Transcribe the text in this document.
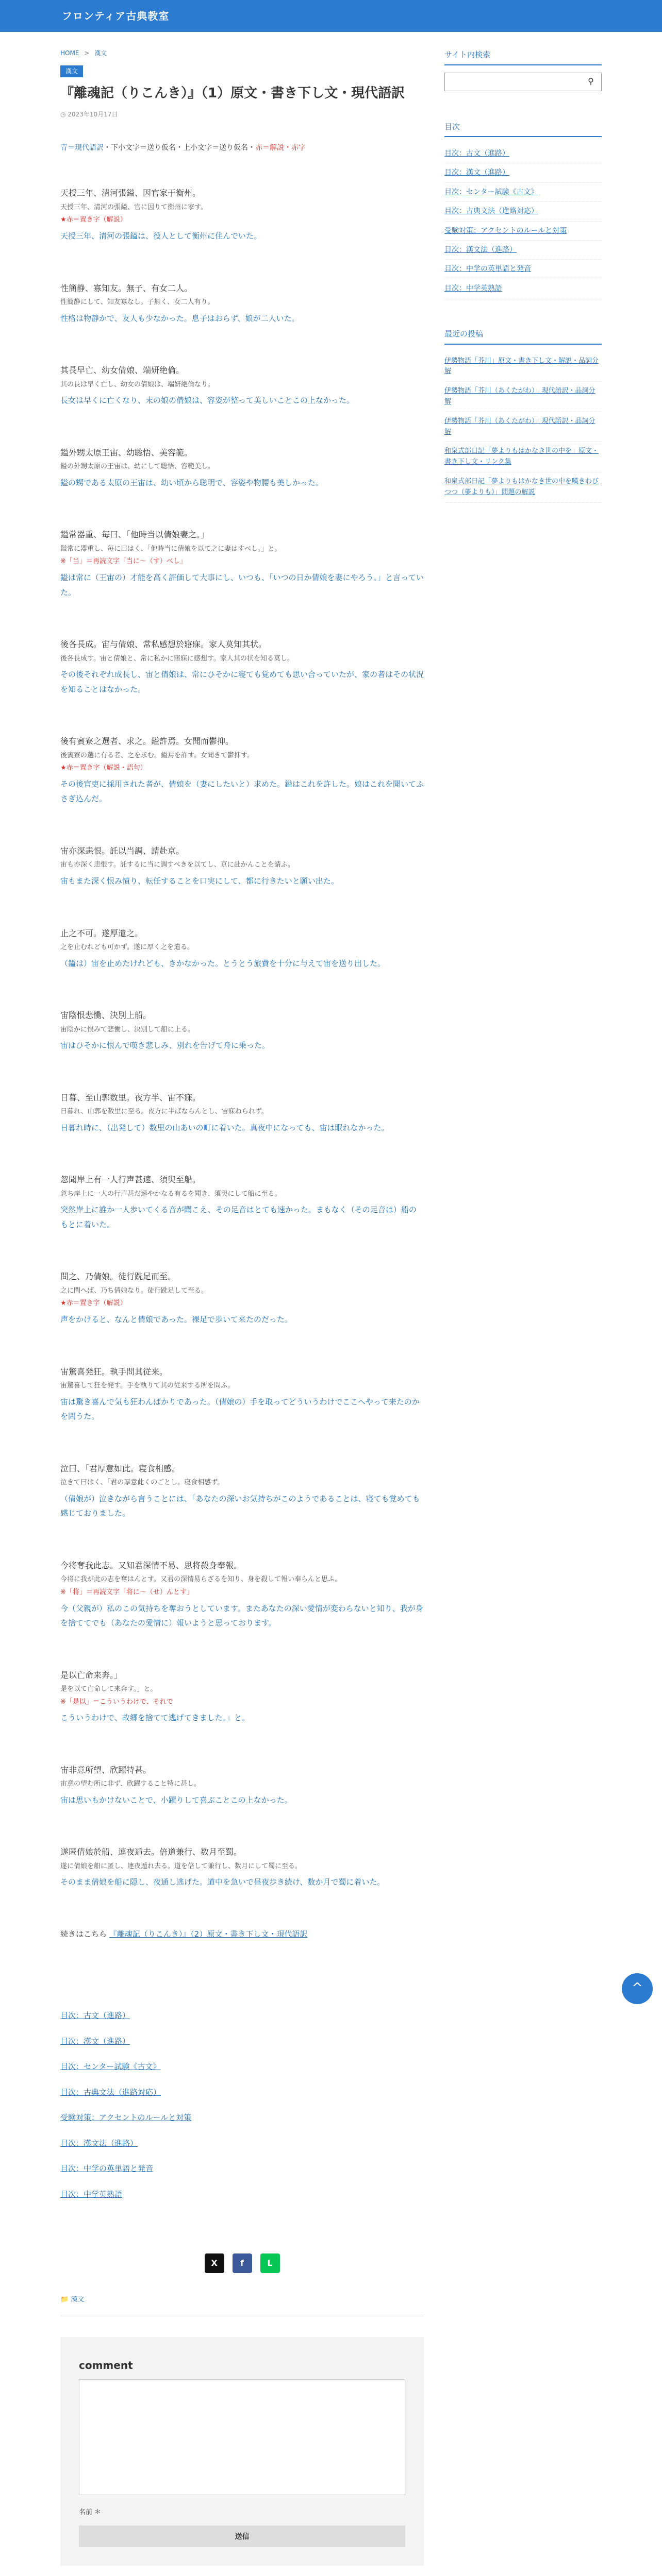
フロンティア古典教室
HOME > 漢文
漢文
『離魂記（りこんき）』（1）原文・書き下し文・現代語訳
◷ 2023年10月17日

青＝現代語訳・下小文字＝送り仮名・上小文字＝送り仮名・赤＝解説・赤字

天授三年、清河張鎰、因官家于衡州。

天授三年、清河の張鎰、官に因りて衡州に家す。

★赤＝置き字（解説）

天授三年、清河の張鎰は、役人として衡州に住んでいた。

性簡静、寡知友。無子、有女二人。

性簡静にして、知友寡なし。子無く、女二人有り。

性格は物静かで、友人も少なかった。息子はおらず、娘が二人いた。

其長早亡、幼女倩娘、端妍絶倫。

其の長は早く亡し、幼女の倩娘は、端妍絶倫なり。

長女は早くに亡くなり、末の娘の倩娘は、容姿が整って美しいことこの上なかった。

鎰外甥太原王宙、幼聡悟、美容範。

鎰の外甥太原の王宙は、幼にして聡悟、容範美し。

鎰の甥である太原の王宙は、幼い頃から聡明で、容姿や物腰も美しかった。

鎰常器重、毎曰、「他時当以倩娘妻之。」

鎰常に器重し、毎に曰はく、「他時当に倩娘を以て之に妻はすべし。」と。

※「当」＝再読文字「当に〜（す）べし」

鎰は常に（王宙の）才能を高く評価して大事にし、いつも、「いつの日か倩娘を妻にやろう。」と言っていた。

後各長成。宙与倩娘、常私感想於寤寐。家人莫知其状。

後各長成す。宙と倩娘と、常に私かに寤寐に感想す。家人其の状を知る莫し。

その後それぞれ成長し、宙と倩娘は、常にひそかに寝ても覚めても思い合っていたが、家の者はその状況を知ることはなかった。

後有賓寮之選者、求之。鎰許焉。女聞而鬱抑。

後賓寮の選に有る者、之を求む。鎰焉を許す。女聞きて鬱抑す。

★赤＝置き字（解説・語句）

その後官吏に採用された者が、倩娘を（妻にしたいと）求めた。鎰はこれを許した。娘はこれを聞いてふさぎ込んだ。

宙亦深恚恨。託以当調、請赴京。

宙も亦深く恚恨す。託するに当に調すべきを以てし、京に赴かんことを請ふ。

宙もまた深く恨み憤り、転任することを口実にして、都に行きたいと願い出た。

止之不可。遂厚遣之。

之を止むれども可かず。遂に厚く之を遣る。

（鎰は）宙を止めたけれども、きかなかった。とうとう旅費を十分に与えて宙を送り出した。

宙陰恨悲慟、決別上船。

宙陰かに恨みて悲慟し、決別して船に上る。

宙はひそかに恨んで嘆き悲しみ、別れを告げて舟に乗った。

日暮、至山郭数里。夜方半、宙不寐。

日暮れ、山郭を数里に至る。夜方に半ばならんとし、宙寐ねられず。

日暮れ時に、（出発して）数里の山あいの町に着いた。真夜中になっても、宙は眠れなかった。

忽聞岸上有一人行声甚速、須臾至船。

忽ち岸上に一人の行声甚だ速やかなる有るを聞き、須臾にして船に至る。

突然岸上に誰か一人歩いてくる音が聞こえ、その足音はとても速かった。まもなく（その足音は）船のもとに着いた。

問之、乃倩娘。徒行跣足而至。

之に問へば、乃ち倩娘なり。徒行跣足して至る。

★赤＝置き字（解説）

声をかけると、なんと倩娘であった。裸足で歩いて来たのだった。

宙驚喜発狂。執手問其従来。

宙驚喜して狂を発す。手を執りて其の従来する所を問ふ。

宙は驚き喜んで気も狂わんばかりであった。（倩娘の）手を取ってどういうわけでここへやって来たのかを問うた。

泣曰、「君厚意如此。寝食相感。

泣きて曰はく、「君の厚意此くのごとし。寝食相感ず。

（倩娘が）泣きながら言うことには、「あなたの深いお気持ちがこのようであることは、寝ても覚めても感じておりました。

今将奪我此志。又知君深情不易、思将殺身奉報。

今将に我が此の志を奪はんとす。又君の深情易らざるを知り、身を殺して報い奉らんと思ふ。

※「将」＝再読文字「将に〜（せ）んとす」

今（父親が）私のこの気持ちを奪おうとしています。またあなたの深い愛情が変わらないと知り、我が身を捨ててでも（あなたの愛情に）報いようと思っております。

是以亡命来奔。」

是を以て亡命して来奔す。」と。

※「是以」＝こういうわけで、それで

こういうわけで、故郷を捨てて逃げてきました。」と。

宙非意所望、欣躍特甚。

宙意の望む所に非ず、欣躍すること特に甚し。

宙は思いもかけないことで、小躍りして喜ぶことこの上なかった。

遂匿倩娘於船、連夜遁去。倍道兼行、数月至蜀。

遂に倩娘を船に匿し、連夜遁れ去る。道を倍して兼行し、数月にして蜀に至る。

そのまま倩娘を船に隠し、夜通し逃げた。道中を急いで昼夜歩き続け、数か月で蜀に着いた。

続きはこちら 『離魂記（りこんき）』（2）原文・書き下し文・現代語訳

目次：古文（進路）
目次：漢文（進路）
目次：センター試験《古文》
目次：古典文法（進路対応）
受験対策：アクセントのルールと対策
目次：漢文法（進路）
目次：中学の英単語と発音
目次：中学英熟語
X	f	L
📁 漢文
comment
名前 ＊
送信
サイト内検索
⚲
目次
目次：古文（進路）
目次：漢文（進路）
目次：センター試験《古文》
目次：古典文法（進路対応）
受験対策：アクセントのルールと対策
目次：漢文法（進路）
目次：中学の英単語と発音
目次：中学英熟語
最近の投稿
伊勢物語「芥川」原文・書き下し文・解説・品詞分解
伊勢物語「芥川（あくたがわ）」現代語訳・品詞分解
伊勢物語「芥川（あくたがわ）」現代語訳・品詞分解
和泉式部日記「夢よりもはかなき世の中を」原文・書き下し文・リンク集
和泉式部日記「夢よりもはかなき世の中を嘆きわびつつ（夢よりも）」問題の解説
^
